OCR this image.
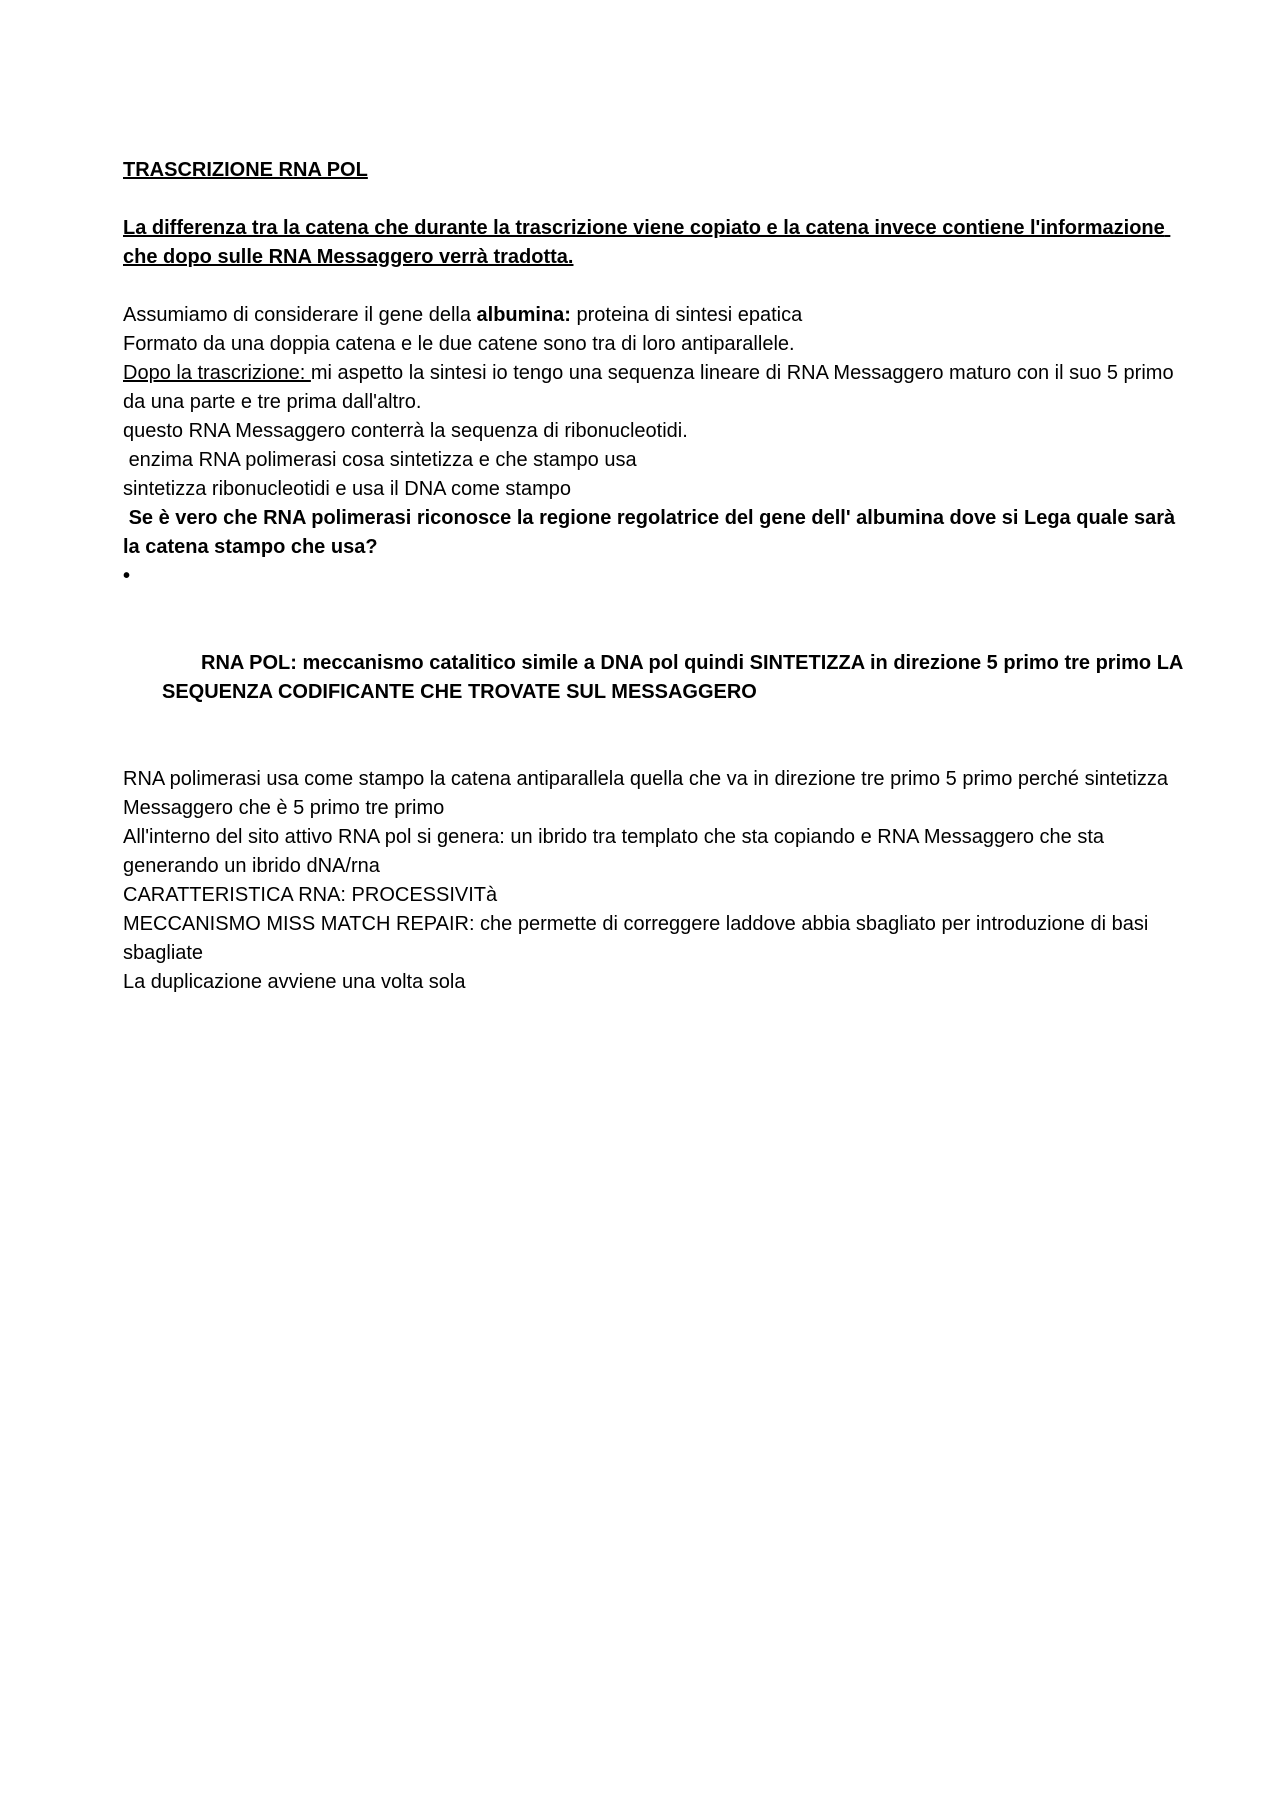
TRASCRIZIONE RNA POL
La differenza tra la catena che durante la trascrizione viene copiato e la catena invece contiene l'informazione che dopo sulle RNA Messaggero verrà tradotta.
Assumiamo di considerare il gene della albumina: proteina di sintesi epatica
Formato da una doppia catena e le due catene sono tra di loro antiparallele.
Dopo la trascrizione: mi aspetto la sintesi io tengo una sequenza lineare di RNA Messaggero maturo con il suo 5 primo da una parte e tre prima dall'altro.
questo RNA Messaggero conterrà la sequenza di ribonucleotidi.
enzima RNA polimerasi cosa sintetizza e che stampo usa
sintetizza ribonucleotidi e usa il DNA come stampo
Se è vero che RNA polimerasi riconosce la regione regolatrice del gene dell' albumina dove si Lega quale sarà la catena stampo che usa?

•

RNA POL: meccanismo catalitico simile a DNA pol quindi SINTETIZZA in direzione 5 primo tre primo LA SEQUENZA CODIFICANTE CHE TROVATE SUL MESSAGGERO

RNA polimerasi usa come stampo la catena antiparallela quella che va in direzione tre primo 5 primo perché sintetizza Messaggero che è 5 primo tre primo
All'interno del sito attivo RNA pol si genera: un ibrido tra templato che sta copiando e RNA Messaggero che sta generando un ibrido dNA/rna
CARATTERISTICA RNA: PROCESSIVITà
MECCANISMO MISS MATCH REPAIR: che permette di correggere laddove abbia sbagliato per introduzione di basi sbagliate
La duplicazione avviene una volta sola
